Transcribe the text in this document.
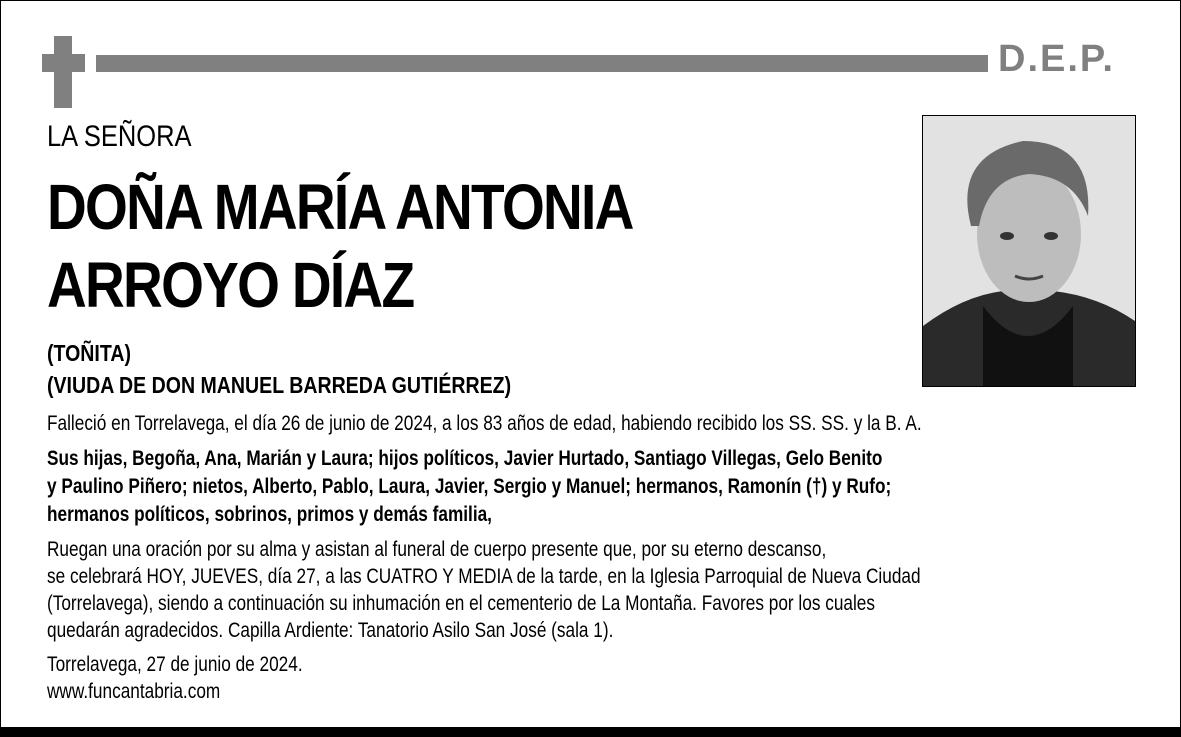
D.E.P.
LA SEÑORA
DOÑA MARÍA ANTONIA
ARROYO DÍAZ
(TOÑITA)
(VIUDA DE DON MANUEL BARREDA GUTIÉRREZ)
Falleció en Torrelavega, el día 26 de junio de 2024, a los 83 años de edad, habiendo recibido los SS. SS. y la B. A.
Sus hijas, Begoña, Ana, Marián y Laura; hijos políticos, Javier Hurtado, Santiago Villegas, Gelo Benito
y Paulino Piñero; nietos, Alberto, Pablo, Laura, Javier, Sergio y Manuel; hermanos, Ramonín (†) y Rufo;
hermanos políticos, sobrinos, primos y demás familia,
Ruegan una oración por su alma y asistan al funeral de cuerpo presente que, por su eterno descanso,
se celebrará HOY, JUEVES, día 27, a las CUATRO Y MEDIA de la tarde, en la Iglesia Parroquial de Nueva Ciudad
(Torrelavega), siendo a continuación su inhumación en el cementerio de La Montaña. Favores por los cuales
quedarán agradecidos. Capilla Ardiente: Tanatorio Asilo San José (sala 1).
Torrelavega, 27 de junio de 2024.
www.funcantabria.com
